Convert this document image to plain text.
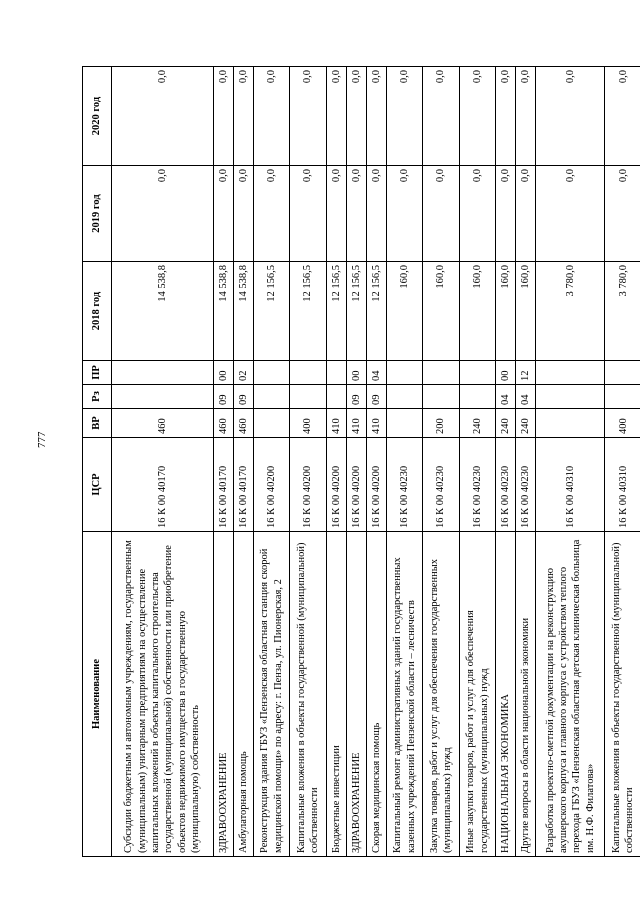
777
Наименование	ЦСР	ВР	Рз	ПР	2018 год	2019 год	2020 год
Субсидии бюджетным и автономным учреждениям, государственным (муниципальным) унитарным предприятиям на осуществление капитальных вложений в объекты капитального строительства государственной (муниципальной) собственности или приобретение объектов недвижимого имущества в государственную (муниципальную) собственность	16 К 00 40170	460			14 538,8	0,0	0,0
ЗДРАВООХРАНЕНИЕ	16 К 00 40170	460	09	00	14 538,8	0,0	0,0
Амбулаторная помощь	16 К 00 40170	460	09	02	14 538,8	0,0	0,0
Реконструкция здания ГБУЗ «Пензенская областная станция скорой медицинской помощи» по адресу: г. Пенза, ул. Пионерская, 2	16 К 00 40200				12 156,5	0,0	0,0
Капитальные вложения в объекты государственной (муниципальной) собственности	16 К 00 40200	400			12 156,5	0,0	0,0
Бюджетные инвестиции	16 К 00 40200	410			12 156,5	0,0	0,0
ЗДРАВООХРАНЕНИЕ	16 К 00 40200	410	09	00	12 156,5	0,0	0,0
Скорая медицинская помощь	16 К 00 40200	410	09	04	12 156,5	0,0	0,0
Капитальный ремонт административных зданий государственных казенных учреждений Пензенской области – лесничеств	16 К 00 40230				160,0	0,0	0,0
Закупка товаров, работ и услуг для обеспечения государственных (муниципальных) нужд	16 К 00 40230	200			160,0	0,0	0,0
Иные закупки товаров, работ и услуг для обеспечения государственных (муниципальных) нужд	16 К 00 40230	240			160,0	0,0	0,0
НАЦИОНАЛЬНАЯ ЭКОНОМИКА	16 К 00 40230	240	04	00	160,0	0,0	0,0
Другие вопросы в области национальной экономики	16 К 00 40230	240	04	12	160,0	0,0	0,0
Разработка проектно-сметной документации на реконструкцию акушерского корпуса и главного корпуса с устройством теплого перехода ГБУЗ «Пензенская областная детская клиническая больница им. Н.Ф. Филатова»	16 К 00 40310				3 780,0	0,0	0,0
Капитальные вложения в объекты государственной (муниципальной) собственности	16 К 00 40310	400			3 780,0	0,0	0,0
